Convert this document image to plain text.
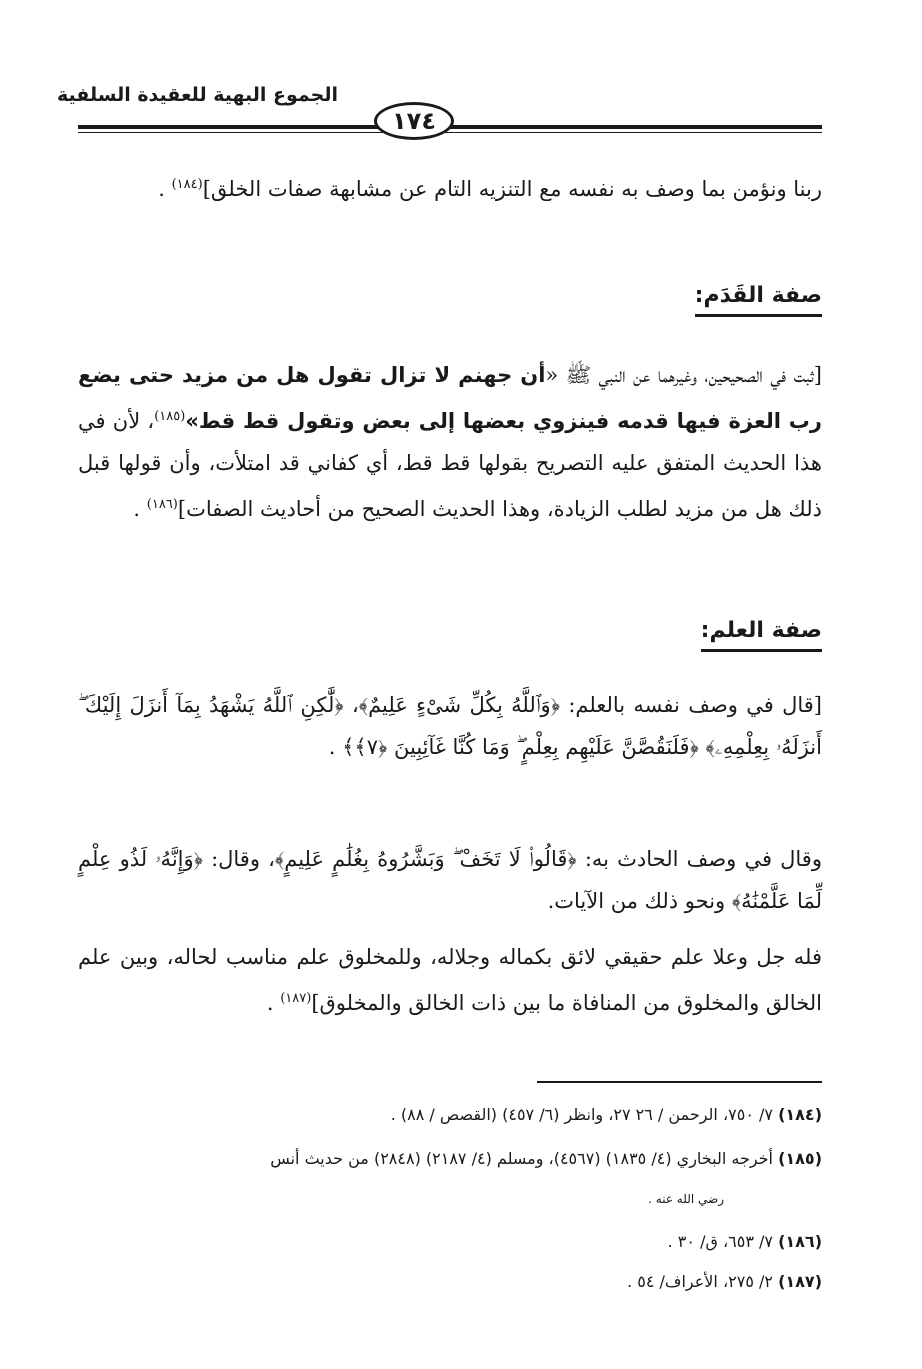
الجموع البهية للعقيدة السلفية
١٧٤
ربنا ونؤمن بما وصف به نفسه مع التنزيه التام عن مشابهة صفات الخلق]$^{(١٨٤)}$ .
صفة القَدَم:
[ثبت في الصحيحين، وغيرهما عن النبي ﷺ «أن جهنم لا تزال تقول هل من مزيد حتى يضع رب العزة فيها قدمه فينزوي بعضها إلى بعض وتقول قط قط»$^{(١٨٥)}$، لأن في هذا الحديث المتفق عليه التصريح بقولها قط قط، أي كفاني قد امتلأت، وأن قولها قبل ذلك هل من مزيد لطلب الزيادة، وهذا الحديث الصحيح من أحاديث الصفات]$^{(١٨٦)}$ .
صفة العلم:
[قال في وصف نفسه بالعلم: ﴿وَٱللَّهُ بِكُلِّ شَىْءٍ عَلِيمٌ﴾، ﴿لَّٰكِنِ ٱللَّهُ يَشْهَدُ بِمَآ أَنزَلَ إِلَيْكَ ۖ أَنزَلَهُۥ بِعِلْمِهِۦ﴾ ﴿فَلَنَقُصَّنَّ عَلَيْهِم بِعِلْمٍ ۖ وَمَا كُنَّا غَآئِبِينَ ﴿٧﴾﴾ .
وقال في وصف الحادث به: ﴿قَالُوا۟ لَا تَخَفْ ۖ وَبَشَّرُوهُ بِغُلَٰمٍ عَلِيمٍ﴾، وقال: ﴿وَإِنَّهُۥ لَذُو عِلْمٍ لِّمَا عَلَّمْنَٰهُ﴾ ونحو ذلك من الآيات.
فله جل وعلا علم حقيقي لائق بكماله وجلاله، وللمخلوق علم مناسب لحاله، وبين علم الخالق والمخلوق من المنافاة ما بين ذات الخالق والمخلوق]$^{(١٨٧)}$ .
(١٨٤) ٧/ ٧٥٠، الرحمن / ٢٦ ٢٧، وانظر (٦/ ٤٥٧) (القصص / ٨٨) .
(١٨٥) أخرجه البخاري (٤/ ١٨٣٥) (٤٥٦٧)، ومسلم (٤/ ٢١٨٧) (٢٨٤٨) من حديث أنس
رضي الله عنه .
(١٨٦) ٧/ ٦٥٣، ق/ ٣٠ .
(١٨٧) ٢/ ٢٧٥، الأعراف/ ٥٤ .
